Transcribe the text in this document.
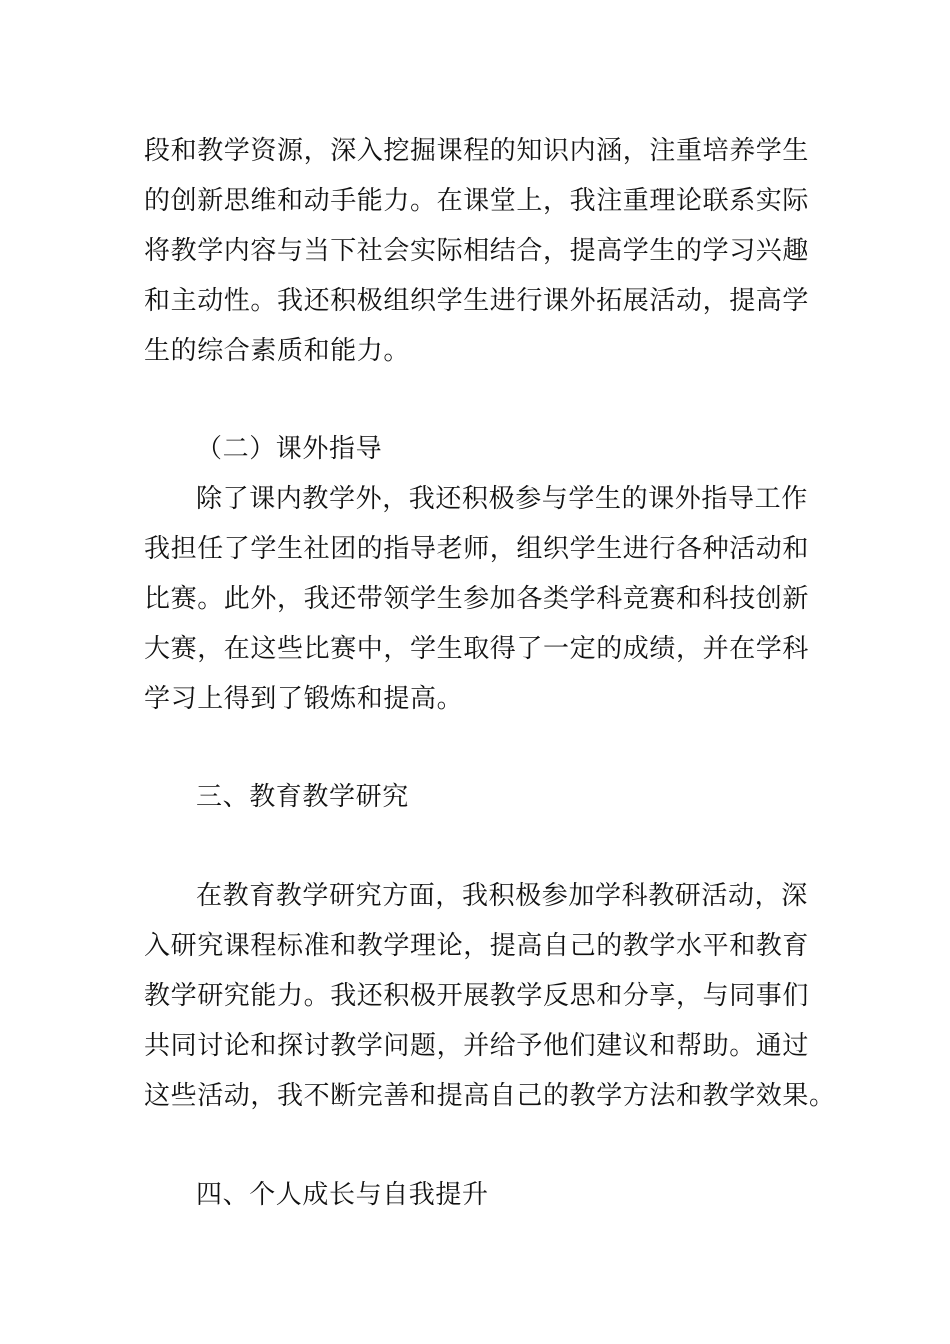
段和教学资源，深入挖掘课程的知识内涵，注重培养学生
的创新思维和动手能力。在课堂上，我注重理论联系实际
将教学内容与当下社会实际相结合，提高学生的学习兴趣
和主动性。我还积极组织学生进行课外拓展活动，提高学
生的综合素质和能力。
（二）课外指导
除了课内教学外，我还积极参与学生的课外指导工作
我担任了学生社团的指导老师，组织学生进行各种活动和
比赛。此外，我还带领学生参加各类学科竞赛和科技创新
大赛，在这些比赛中，学生取得了一定的成绩，并在学科
学习上得到了锻炼和提高。
三、教育教学研究
在教育教学研究方面，我积极参加学科教研活动，深
入研究课程标准和教学理论，提高自己的教学水平和教育
教学研究能力。我还积极开展教学反思和分享，与同事们
共同讨论和探讨教学问题，并给予他们建议和帮助。通过
这些活动，我不断完善和提高自己的教学方法和教学效果。
四、个人成长与自我提升
